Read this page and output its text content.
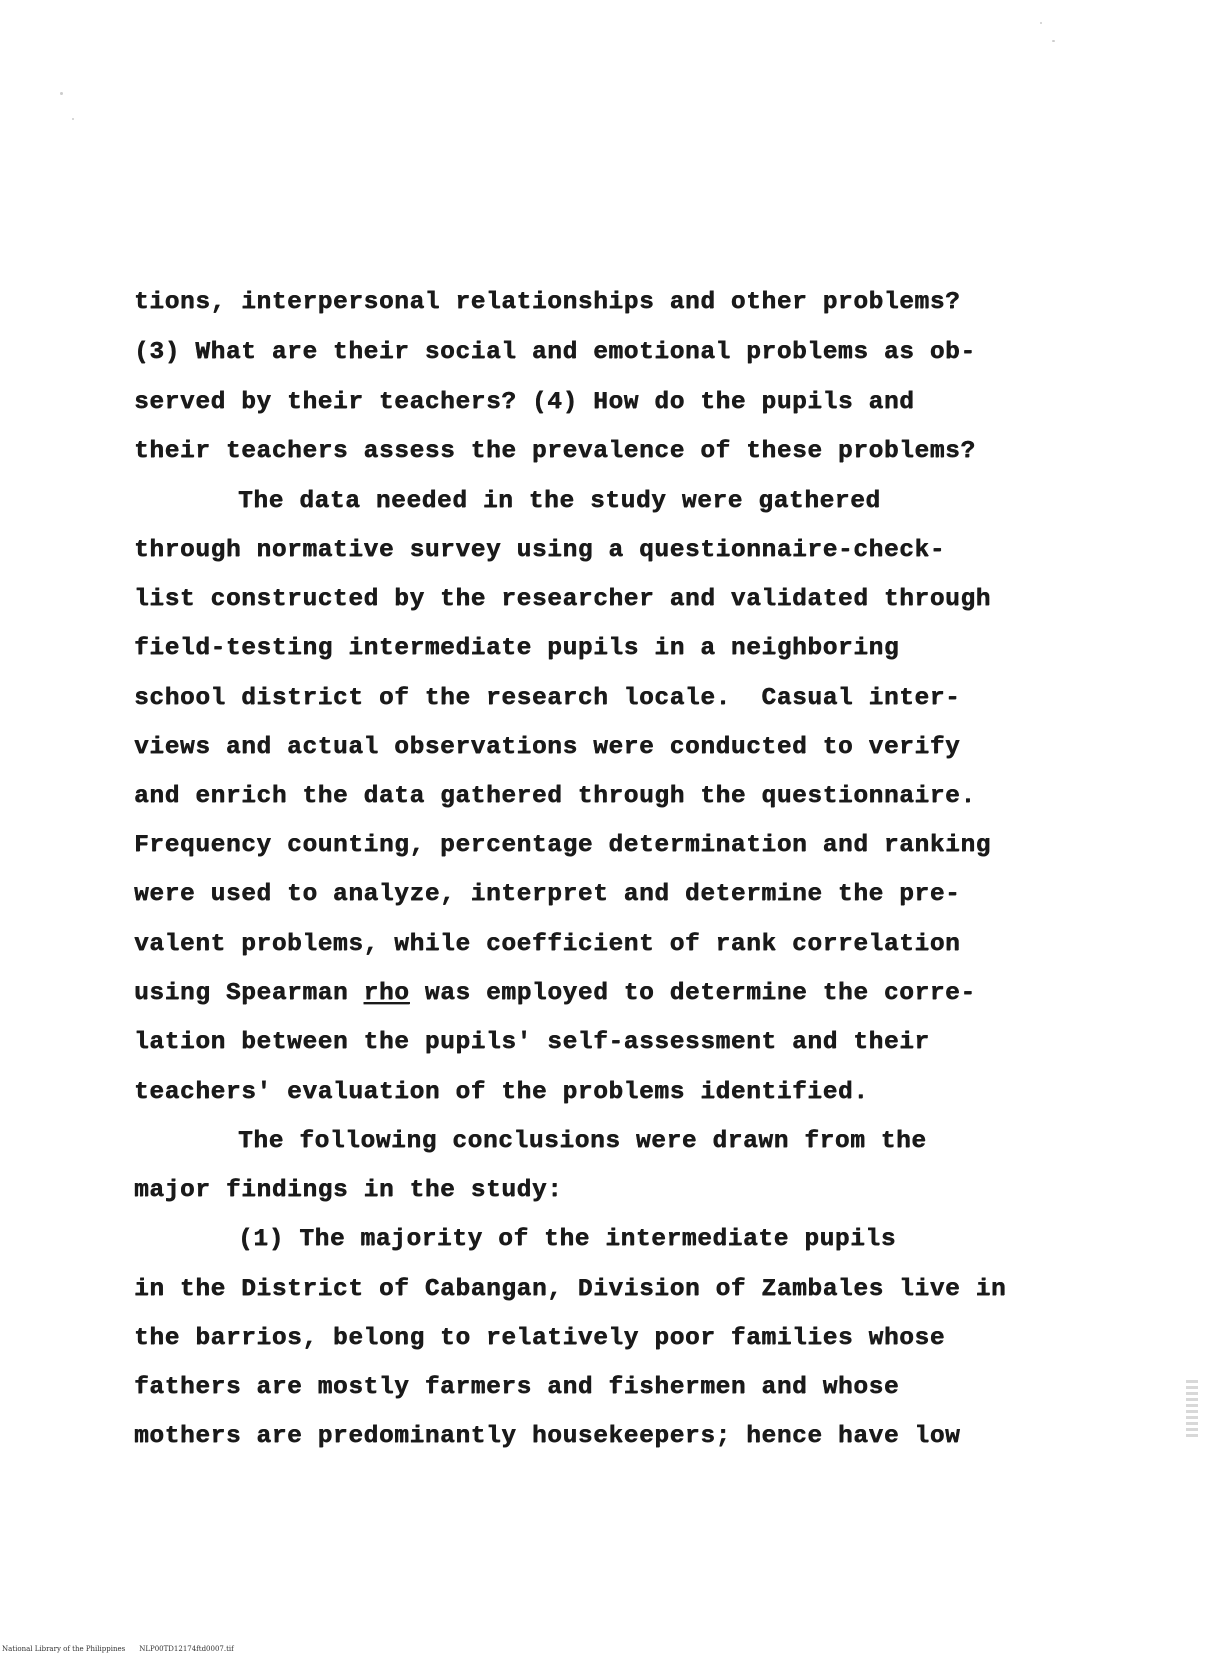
tions, interpersonal relationships and other problems?
(3) What are their social and emotional problems as ob-
served by their teachers? (4) How do the pupils and
their teachers assess the prevalence of these problems?
The data needed in the study were gathered
through normative survey using a questionnaire-check-
list constructed by the researcher and validated through
field-testing intermediate pupils in a neighboring
school district of the research locale.  Casual inter-
views and actual observations were conducted to verify
and enrich the data gathered through the questionnaire.
Frequency counting, percentage determination and ranking
were used to analyze, interpret and determine the pre-
valent problems, while coefficient of rank correlation
using Spearman rho was employed to determine the corre-
lation between the pupils' self-assessment and their
teachers' evaluation of the problems identified.
The following conclusions were drawn from the
major findings in the study:
(1) The majority of the intermediate pupils
in the District of Cabangan, Division of Zambales live in
the barrios, belong to relatively poor families whose
fathers are mostly farmers and fishermen and whose
mothers are predominantly housekeepers; hence have low
National Library of the Philippines NLP00TD12174ftd0007.tif
